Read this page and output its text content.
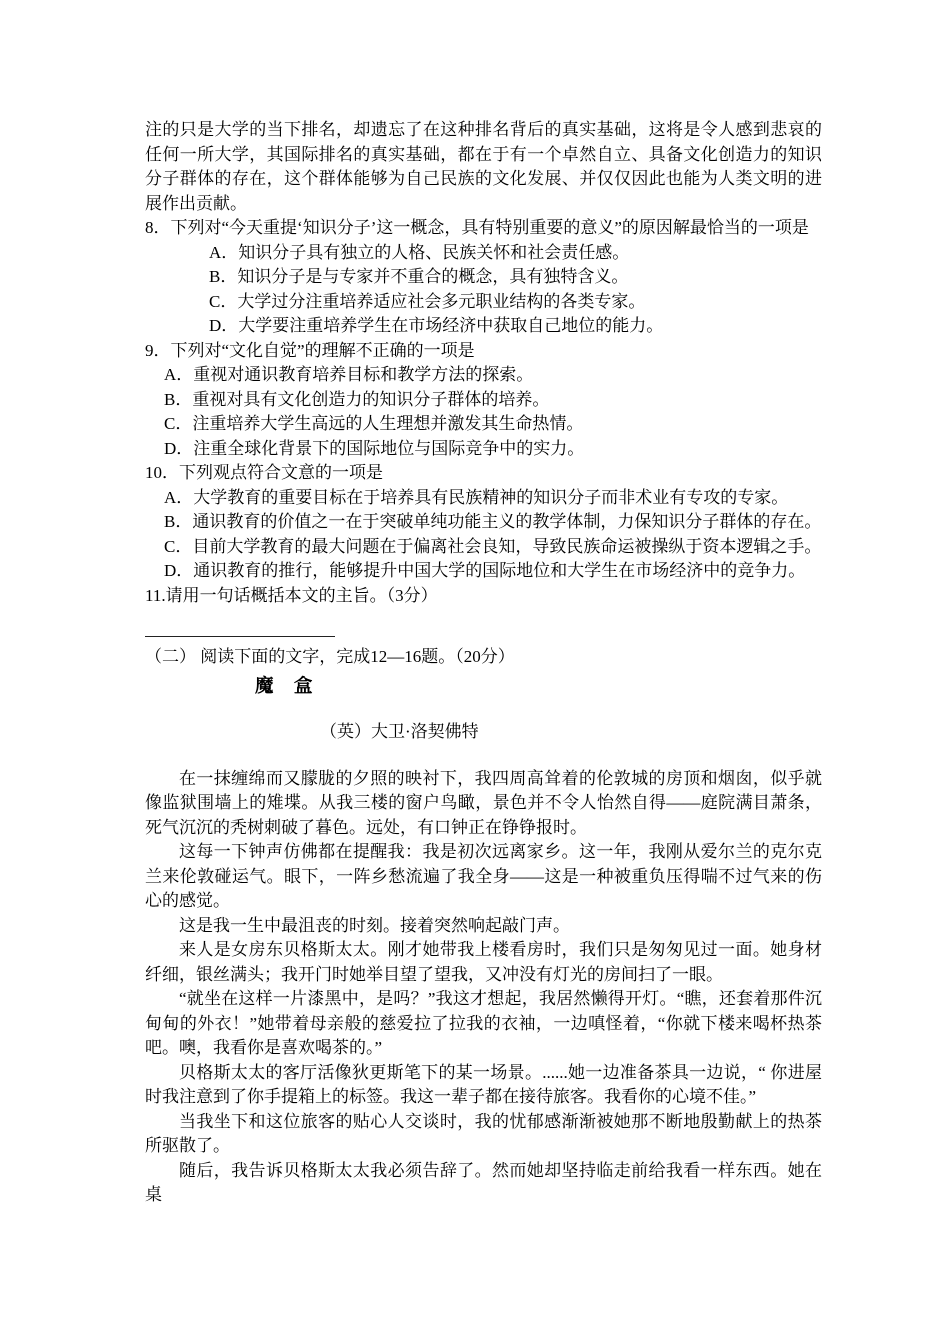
注的只是大学的当下排名，却遗忘了在这种排名背后的真实基础，这将是令人感到悲哀的任何一所大学，其国际排名的真实基础，都在于有一个卓然自立、具备文化创造力的知识分子群体的存在，这个群体能够为自己民族的文化发展、并仅仅因此也能为人类文明的进展作出贡献。

8．下列对“今天重提‘知识分子’这一概念，具有特别重要的意义”的原因解最恰当的一项是

A．知识分子具有独立的人格、民族关怀和社会责任感。

B．知识分子是与专家并不重合的概念，具有独特含义。

C．大学过分注重培养适应社会多元职业结构的各类专家。

D．大学要注重培养学生在市场经济中获取自己地位的能力。

9．下列对“文化自觉”的理解不正确的一项是

A．重视对通识教育培养目标和教学方法的探索。

B．重视对具有文化创造力的知识分子群体的培养。

C．注重培养大学生高远的人生理想并激发其生命热情。

D．注重全球化背景下的国际地位与国际竞争中的实力。

10．下列观点符合文意的一项是

A．大学教育的重要目标在于培养具有民族精神的知识分子而非术业有专攻的专家。

B．通识教育的价值之一在于突破单纯功能主义的教学体制，力保知识分子群体的存在。

C．目前大学教育的最大问题在于偏离社会良知，导致民族命运被操纵于资本逻辑之手。

D．通识教育的推行，能够提升中国大学的国际地位和大学生在市场经济中的竞争力。

11.请用一句话概括本文的主旨。（3分）

（二） 阅读下面的文字，完成12—16题。（20分）

魔　盒

（英）大卫·洛契佛特

在一抹缠绵而又朦胧的夕照的映衬下，我四周高耸着的伦敦城的房顶和烟囱，似乎就像监狱围墙上的雉堞。从我三楼的窗户鸟瞰，景色并不令人怡然自得——庭院满目萧条，死气沉沉的秃树刺破了暮色。远处，有口钟正在铮铮报时。

这每一下钟声仿佛都在提醒我：我是初次远离家乡。这一年，我刚从爱尔兰的克尔克兰来伦敦碰运气。眼下，一阵乡愁流遍了我全身——这是一种被重负压得喘不过气来的伤心的感觉。

这是我一生中最沮丧的时刻。接着突然响起敲门声。

来人是女房东贝格斯太太。刚才她带我上楼看房时，我们只是匆匆见过一面。她身材纤细，银丝满头；我开门时她举目望了望我，又冲没有灯光的房间扫了一眼。

“就坐在这样一片漆黑中，是吗？”我这才想起，我居然懒得开灯。“瞧，还套着那件沉甸甸的外衣！”她带着母亲般的慈爱拉了拉我的衣袖，一边嗔怪着，“你就下楼来喝杯热茶吧。噢，我看你是喜欢喝茶的。”

贝格斯太太的客厅活像狄更斯笔下的某一场景。......她一边准备茶具一边说，“ 你进屋时我注意到了你手提箱上的标签。我这一辈子都在接待旅客。我看你的心境不佳。”

当我坐下和这位旅客的贴心人交谈时，我的忧郁感渐渐被她那不断地殷勤献上的热茶所驱散了。

随后，我告诉贝格斯太太我必须告辞了。然而她却坚持临走前给我看一样东西。她在桌
